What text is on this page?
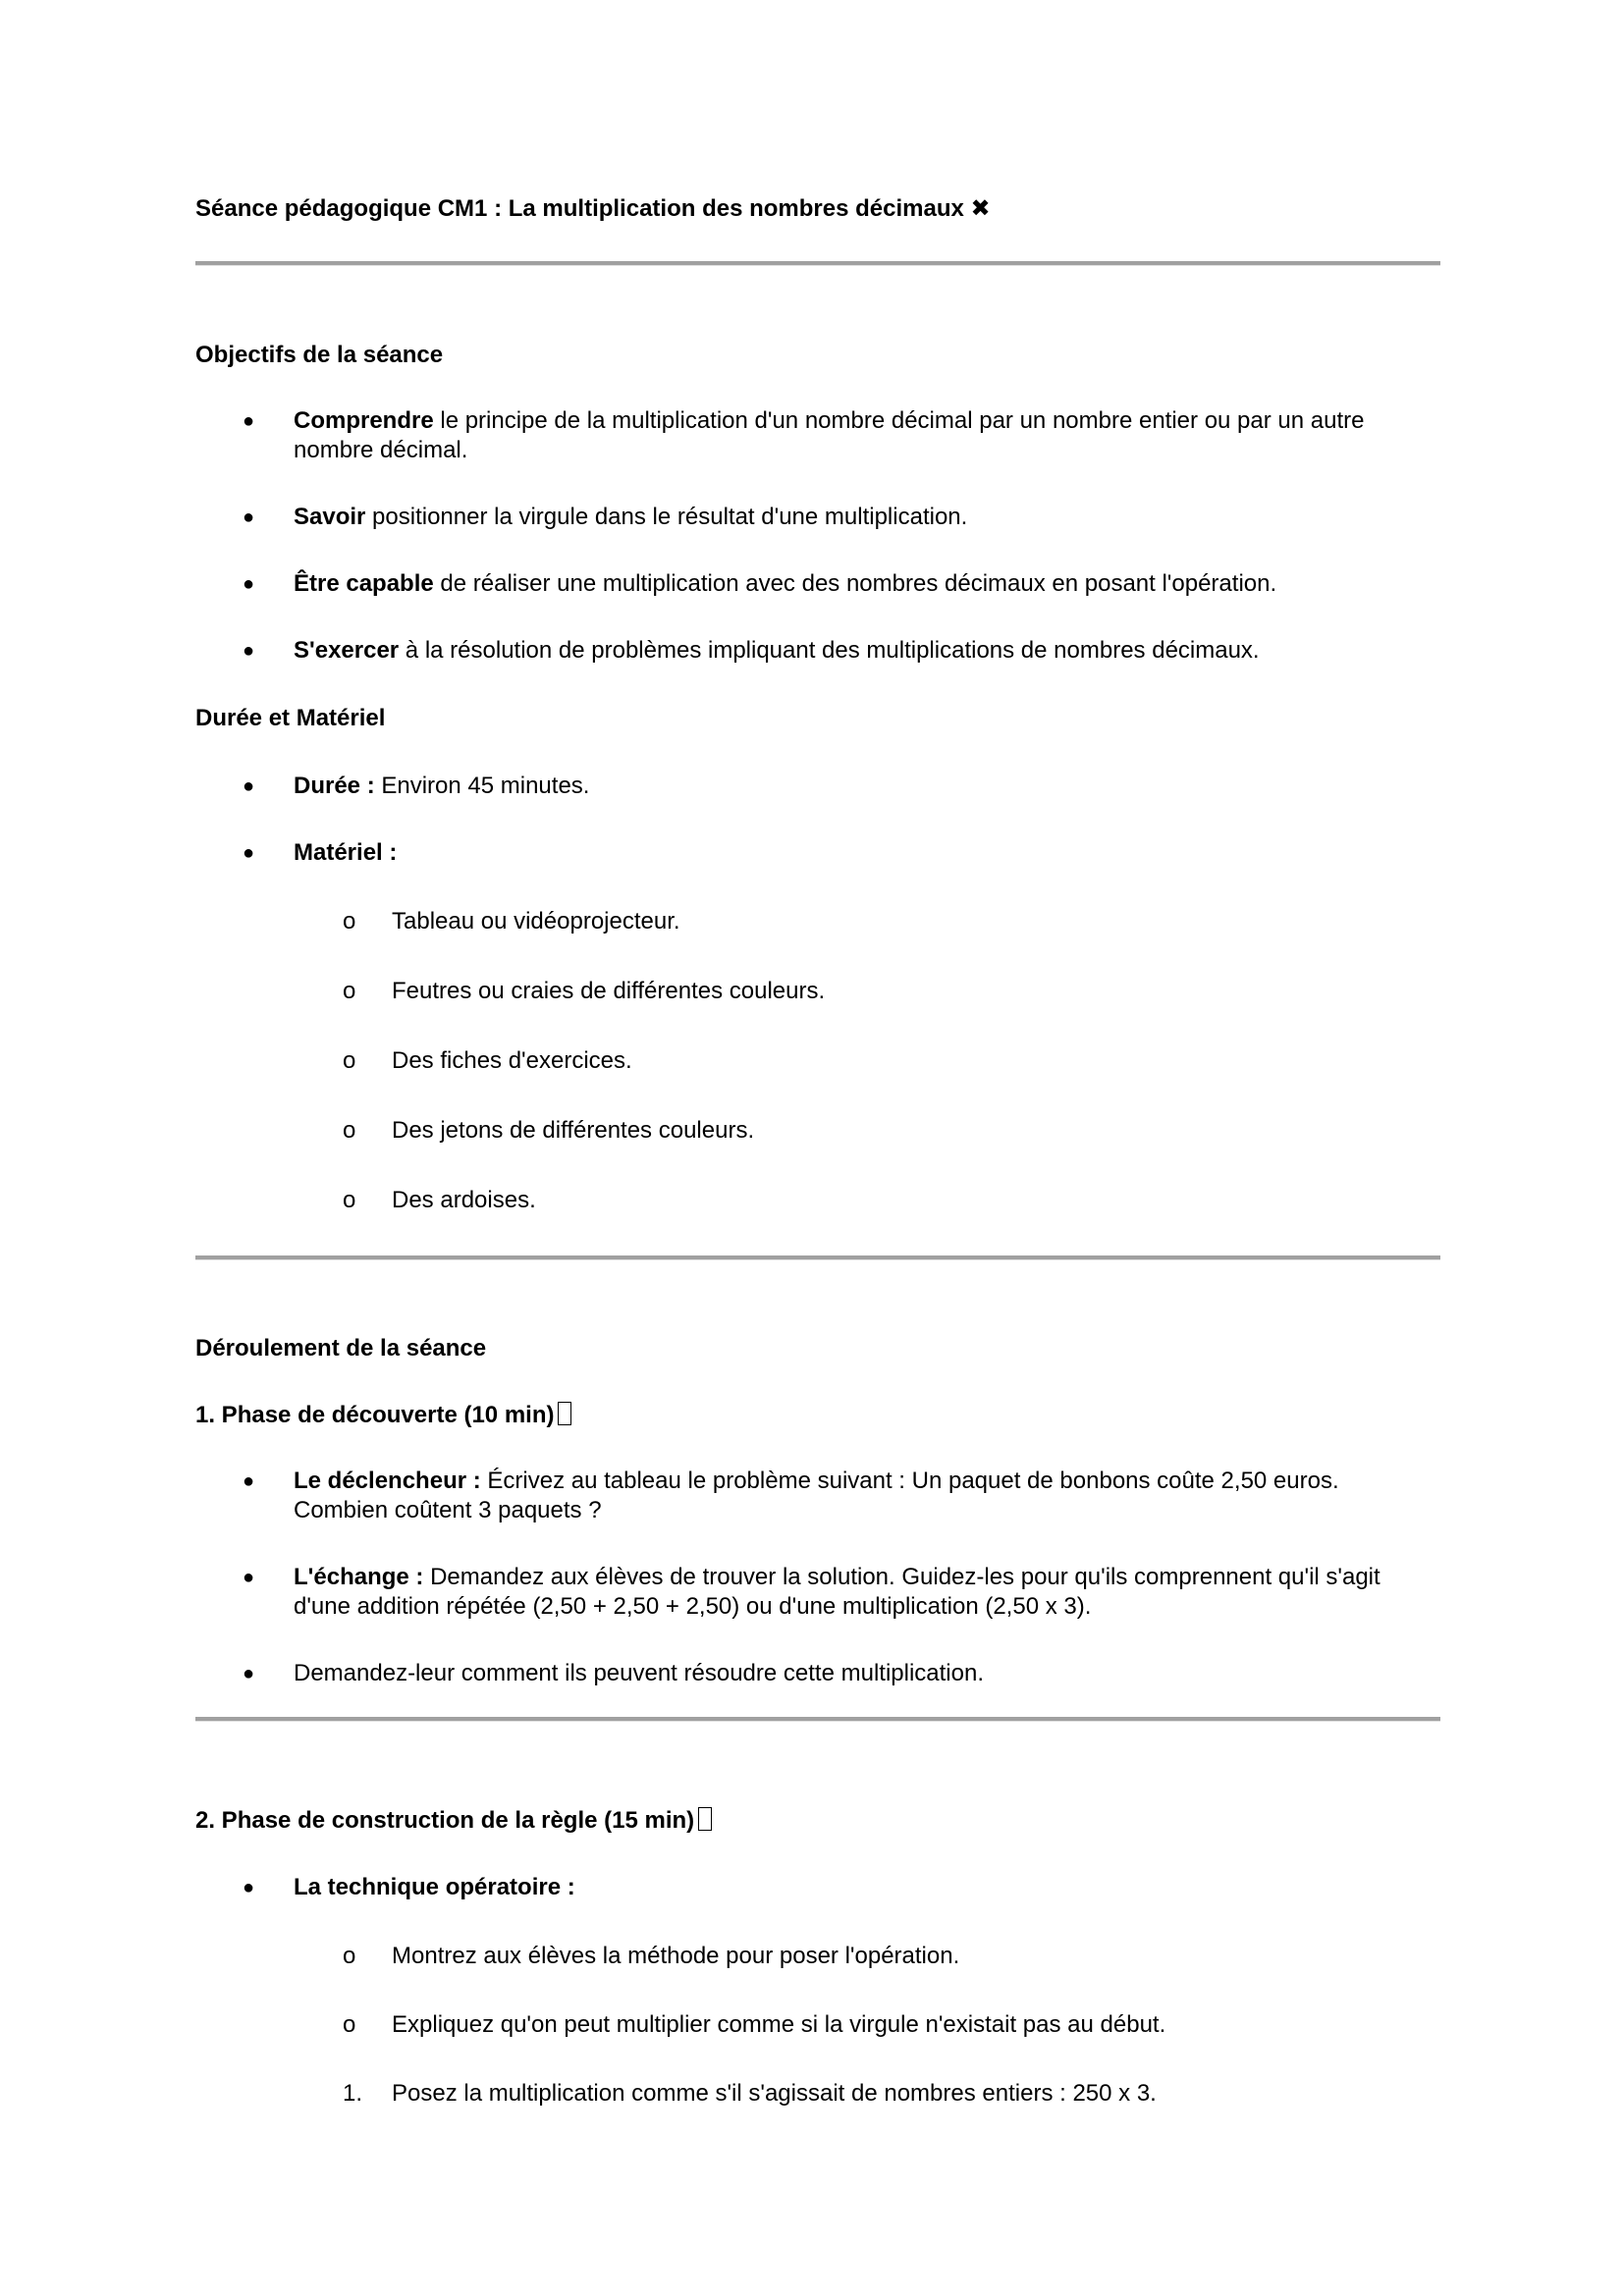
Séance pédagogique CM1 : La multiplication des nombres décimaux ✖
Objectifs de la séance
●	Comprendre le principe de la multiplication d'un nombre décimal par un nombre entier ou par un autre nombre décimal.
●	Savoir positionner la virgule dans le résultat d'une multiplication.
●	Être capable de réaliser une multiplication avec des nombres décimaux en posant l'opération.
●	S'exercer à la résolution de problèmes impliquant des multiplications de nombres décimaux.
Durée et Matériel
●	Durée : Environ 45 minutes.
●	Matériel :
o Tableau ou vidéoprojecteur.
o Feutres ou craies de différentes couleurs.
o Des fiches d'exercices.
o Des jetons de différentes couleurs.
o Des ardoises.
Déroulement de la séance
1. Phase de découverte (10 min)
●	Le déclencheur : Écrivez au tableau le problème suivant : Un paquet de bonbons coûte 2,50 euros. Combien coûtent 3 paquets ?
●	L'échange : Demandez aux élèves de trouver la solution. Guidez-les pour qu'ils comprennent qu'il s'agit d'une addition répétée (2,50 + 2,50 + 2,50) ou d'une multiplication (2,50 x 3).
●	Demandez-leur comment ils peuvent résoudre cette multiplication.
2. Phase de construction de la règle (15 min)
●	La technique opératoire :
o Montrez aux élèves la méthode pour poser l'opération.
o Expliquez qu'on peut multiplier comme si la virgule n'existait pas au début.
1. Posez la multiplication comme s'il s'agissait de nombres entiers : 250 x 3.
